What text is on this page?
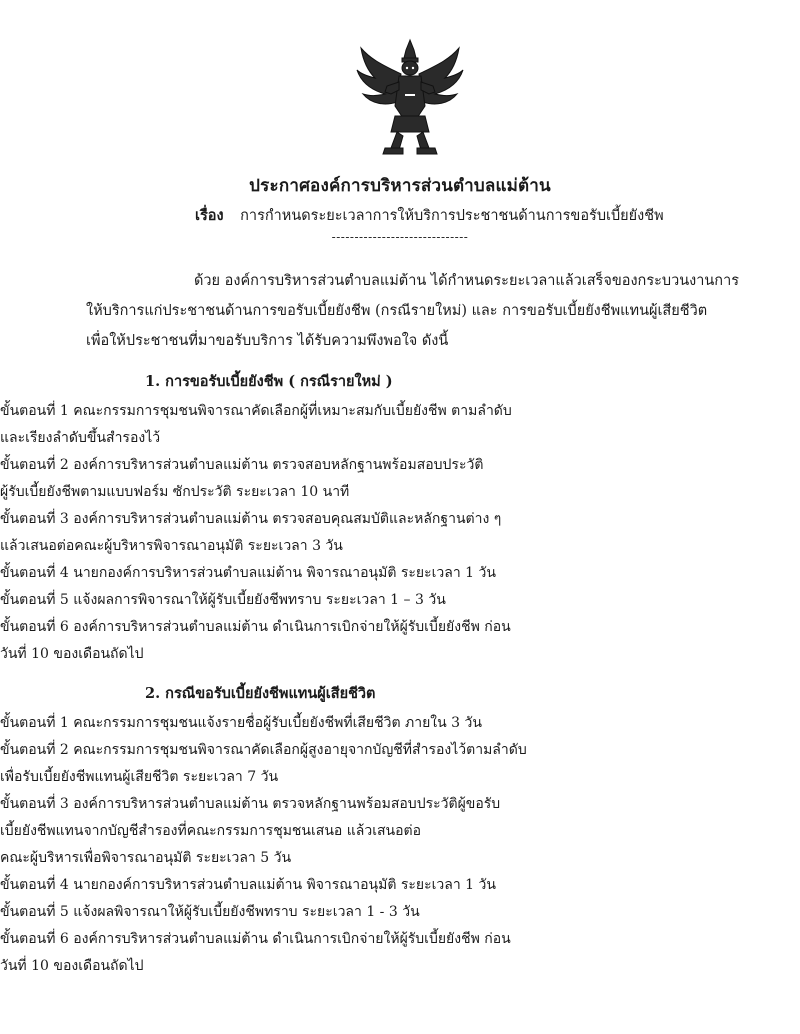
ประกาศองค์การบริหารส่วนตำบลแม่ต้าน
เรื่อง การกำหนดระยะเวลาการให้บริการประชาชนด้านการขอรับเบี้ยยังชีพ
------------------------------
ด้วย องค์การบริหารส่วนตำบลแม่ต้าน ได้กำหนดระยะเวลาแล้วเสร็จของกระบวนงานการ
ให้บริการแก่ประชาชนด้านการขอรับเบี้ยยังชีพ (กรณีรายใหม่) และ การขอรับเบี้ยยังชีพแทนผู้เสียชีวิต
เพื่อให้ประชาชนที่มาขอรับบริการ ได้รับความพึงพอใจ ดังนี้
1. การขอรับเบี้ยยังชีพ ( กรณีรายใหม่ )
ขั้นตอนที่ 1 คณะกรรมการชุมชนพิจารณาคัดเลือกผู้ที่เหมาะสมกับเบี้ยยังชีพ ตามลำดับ
และเรียงลำดับขึ้นสำรองไว้
ขั้นตอนที่ 2 องค์การบริหารส่วนตำบลแม่ต้าน ตรวจสอบหลักฐานพร้อมสอบประวัติ
ผู้รับเบี้ยยังชีพตามแบบฟอร์ม ซักประวัติ ระยะเวลา 10 นาที
ขั้นตอนที่ 3 องค์การบริหารส่วนตำบลแม่ต้าน ตรวจสอบคุณสมบัติและหลักฐานต่าง ๆ
แล้วเสนอต่อคณะผู้บริหารพิจารณาอนุมัติ ระยะเวลา 3 วัน
ขั้นตอนที่ 4 นายกองค์การบริหารส่วนตำบลแม่ต้าน พิจารณาอนุมัติ ระยะเวลา 1 วัน
ขั้นตอนที่ 5 แจ้งผลการพิจารณาให้ผู้รับเบี้ยยังชีพทราบ ระยะเวลา 1 – 3 วัน
ขั้นตอนที่ 6 องค์การบริหารส่วนตำบลแม่ต้าน ดำเนินการเบิกจ่ายให้ผู้รับเบี้ยยังชีพ ก่อน
วันที่ 10 ของเดือนถัดไป
2. กรณีขอรับเบี้ยยังชีพแทนผู้เสียชีวิต
ขั้นตอนที่ 1 คณะกรรมการชุมชนแจ้งรายชื่อผู้รับเบี้ยยังชีพที่เสียชีวิต ภายใน 3 วัน
ขั้นตอนที่ 2 คณะกรรมการชุมชนพิจารณาคัดเลือกผู้สูงอายุจากบัญชีที่สำรองไว้ตามลำดับ
เพื่อรับเบี้ยยังชีพแทนผู้เสียชีวิต ระยะเวลา 7 วัน
ขั้นตอนที่ 3 องค์การบริหารส่วนตำบลแม่ต้าน ตรวจหลักฐานพร้อมสอบประวัติผู้ขอรับ
เบี้ยยังชีพแทนจากบัญชีสำรองที่คณะกรรมการชุมชนเสนอ แล้วเสนอต่อ
คณะผู้บริหารเพื่อพิจารณาอนุมัติ ระยะเวลา 5 วัน
ขั้นตอนที่ 4 นายกองค์การบริหารส่วนตำบลแม่ต้าน พิจารณาอนุมัติ ระยะเวลา 1 วัน
ขั้นตอนที่ 5 แจ้งผลพิจารณาให้ผู้รับเบี้ยยังชีพทราบ ระยะเวลา 1 - 3 วัน
ขั้นตอนที่ 6 องค์การบริหารส่วนตำบลแม่ต้าน ดำเนินการเบิกจ่ายให้ผู้รับเบี้ยยังชีพ ก่อน
วันที่ 10 ของเดือนถัดไป
